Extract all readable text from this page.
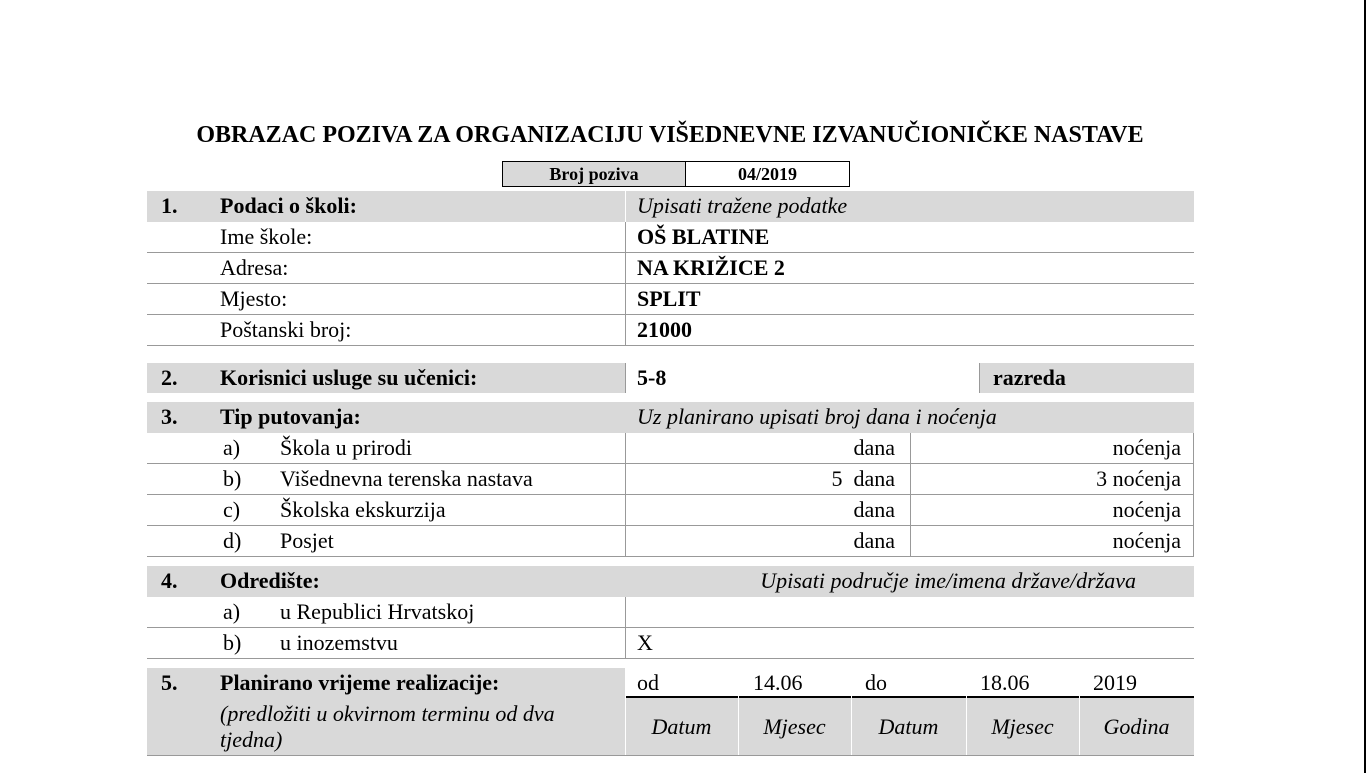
OBRAZAC POZIVA ZA ORGANIZACIJU VIŠEDNEVNE IZVANUČIONIČKE NASTAVE
Broj poziva	04/2019
1. Podaci o školi:	Upisati tražene podatke
Ime škole:	OŠ BLATINE
Adresa:	NA KRIŽICE 2
Mjesto:	SPLIT
Poštanski broj:	21000
2. Korisnici usluge su učenici:	5-8	razreda
3. Tip putovanja:	Uz planirano upisati broj dana i noćenja
a) Škola u prirodi	dana	noćenja
b) Višednevna terenska nastava	5 dana	3 noćenja
c) Školska ekskurzija	dana	noćenja
d) Posjet	dana	noćenja
4. Odredište:	Upisati područje ime/imena države/država
a) u Republici Hrvatskoj
b) u inozemstvu	X
5. Planirano vrijeme realizacije:
(predložiti u okvirnom terminu od dva tjedna)
od	14.06	do	18.06	2019
Datum	Mjesec	Datum	Mjesec	Godina
